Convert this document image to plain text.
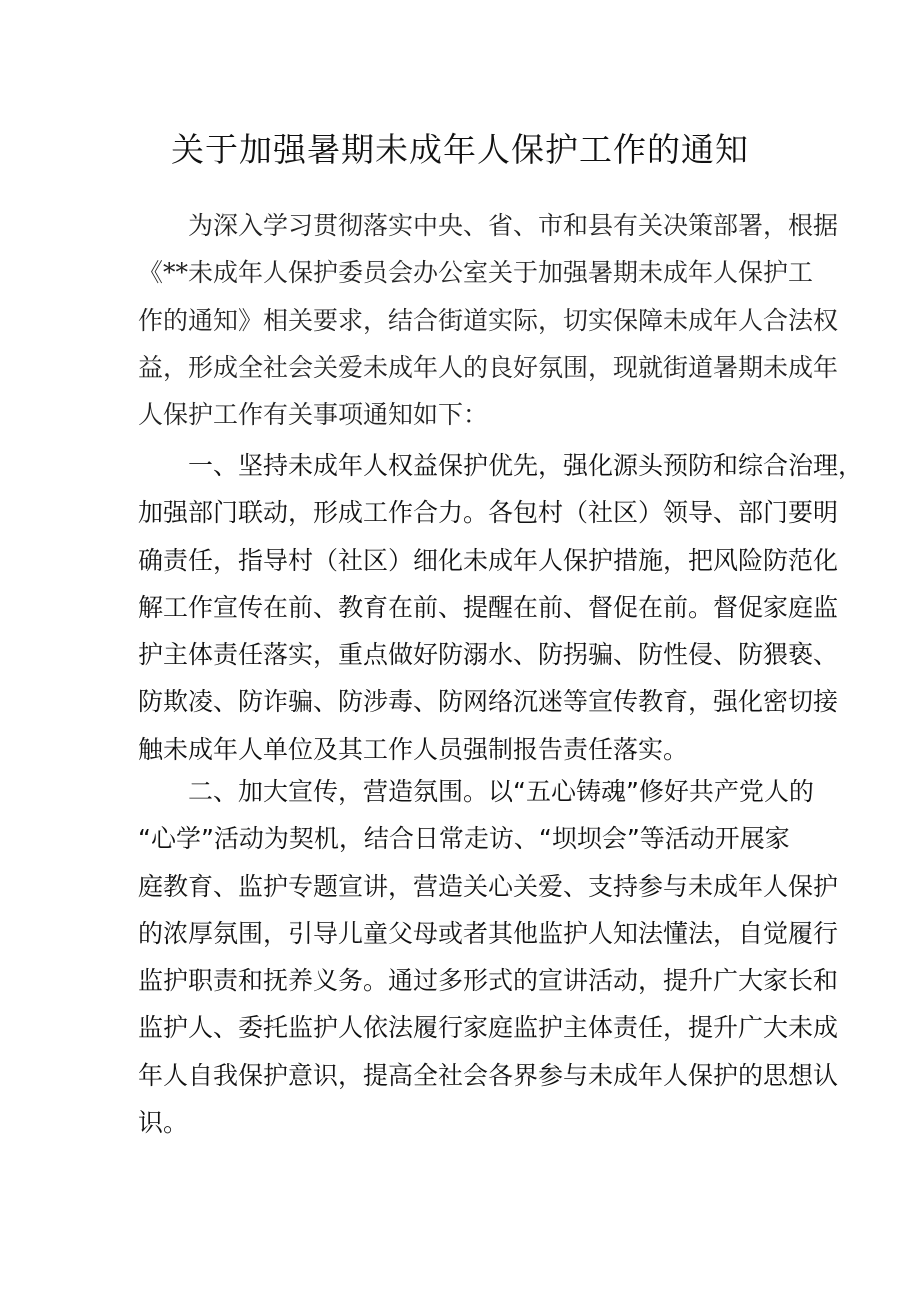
关于加强暑期未成年人保护工作的通知
为深入学习贯彻落实中央、省、市和县有关决策部署，根据
《**未成年人保护委员会办公室关于加强暑期未成年人保护工
作的通知》相关要求，结合街道实际，切实保障未成年人合法权
益，形成全社会关爱未成年人的良好氛围，现就街道暑期未成年
人保护工作有关事项通知如下：
一、坚持未成年人权益保护优先，强化源头预防和综合治理，
加强部门联动，形成工作合力。各包村（社区）领导、部门要明
确责任，指导村（社区）细化未成年人保护措施，把风险防范化
解工作宣传在前、教育在前、提醒在前、督促在前。督促家庭监
护主体责任落实，重点做好防溺水、防拐骗、防性侵、防猥亵、
防欺凌、防诈骗、防涉毒、防网络沉迷等宣传教育，强化密切接
触未成年人单位及其工作人员强制报告责任落实。
二、加大宣传，营造氛围。以“五心铸魂”修好共产党人的
“心学”活动为契机，结合日常走访、“坝坝会”等活动开展家
庭教育、监护专题宣讲，营造关心关爱、支持参与未成年人保护
的浓厚氛围，引导儿童父母或者其他监护人知法懂法，自觉履行
监护职责和抚养义务。通过多形式的宣讲活动，提升广大家长和
监护人、委托监护人依法履行家庭监护主体责任，提升广大未成
年人自我保护意识，提高全社会各界参与未成年人保护的思想认
识。
